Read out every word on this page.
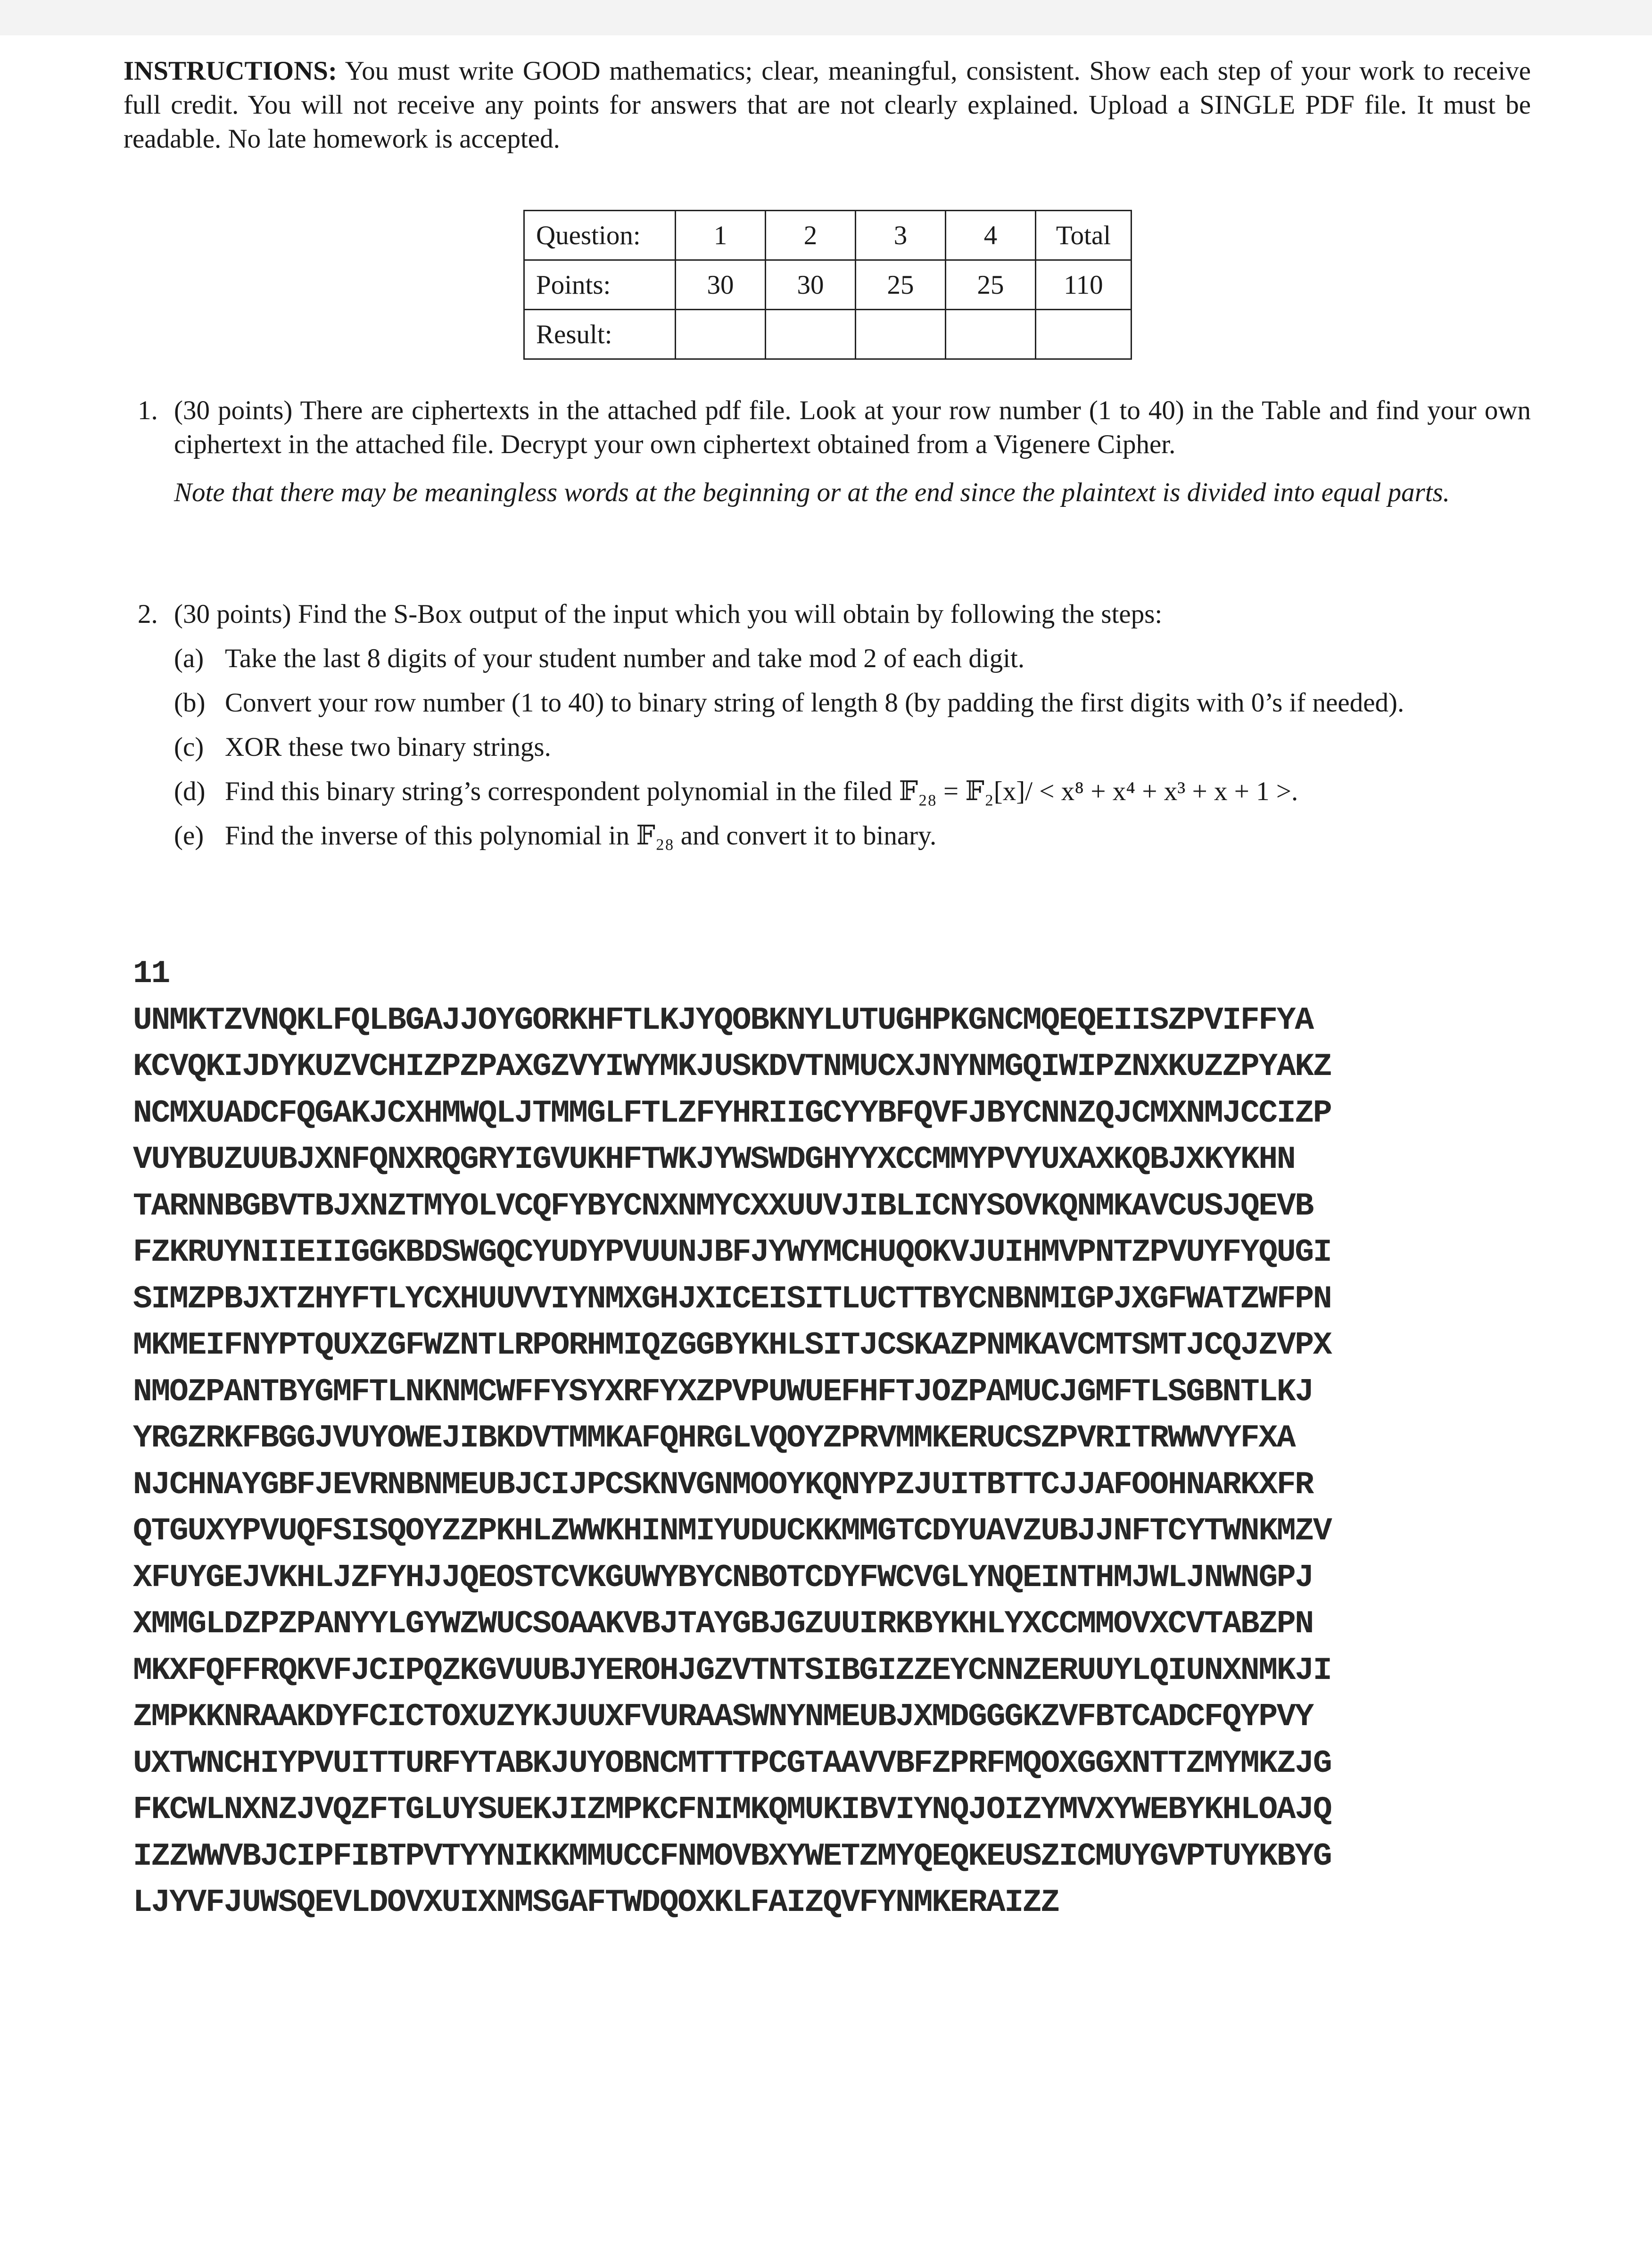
INSTRUCTIONS: You must write GOOD mathematics; clear, meaningful, consistent. Show each step of your work to receive full credit. You will not receive any points for answers that are not clearly explained. Upload a SINGLE PDF file. It must be readable. No late homework is accepted.
Question:	1	2	3	4	Total
Points:	30	30	25	25	110
Result:					
1. (30 points) There are ciphertexts in the attached pdf file. Look at your row number (1 to 40) in the Table and find your own ciphertext in the attached file. Decrypt your own ciphertext obtained from a Vigenere Cipher.
Note that there may be meaningless words at the beginning or at the end since the plaintext is divided into equal parts.
2. (30 points) Find the S-Box output of the input which you will obtain by following the steps:
(a) Take the last 8 digits of your student number and take mod 2 of each digit.
(b) Convert your row number (1 to 40) to binary string of length 8 (by padding the first digits with 0’s if needed).
(c) XOR these two binary strings.
(d) Find this binary string’s correspondent polynomial in the filed 𝔽₂₈ = 𝔽₂[x]/ < x⁸ + x⁴ + x³ + x + 1 >.
(e) Find the inverse of this polynomial in 𝔽₂₈ and convert it to binary.
11
UNMKTZVNQKLFQLBGAJJOYGORKHFTLKJYQOBKNYLUTUGHPKGNCMQEQEIISZPVIFFYA
KCVQKIJDYKUZVCHIZPZPAXGZVYIWYMKJUSKDVTNMUCXJNYNMGQIWIPZNXKUZZPYAKZ
NCMXUADCFQGAKJCXHMWQLJTMMGLFTLZFYHRIIGCYYBFQVFJBYCNNZQJCMXNMJCCIZP
VUYBUZUUBJXNFQNXRQGRYIGVUKHFTWKJYWSWDGHYYXCCMMYPVYUXAXKQBJXKYKHN
TARNNBGBVTBJXNZTMYOLVCQFYBYCNXNMYCXXUUVJIBLICNYSOVKQNMKAVCUSJQEVB
FZKRUYNIIEIIGGKBDSWGQCYUDYPVUUNJBFJYWYMCHUQOKVJUIHMVPNTZPVUYFYQUGI
SIMZPBJXTZHYFTLYCXHUUVVIYNMXGHJXICEISITLUCTTBYCNBNMIGPJXGFWATZWFPN
MKMEIFNYPTQUXZGFWZNTLRPORHMIQZGGBYKHLSITJCSKAZPNMKAVCMTSMTJCQJZVPX
NMOZPANTBYGMFTLNKNMCWFFYSYXRFYXZPVPUWUEFHFTJOZPAMUCJGMFTLSGBNTLKJ
YRGZRKFBGGJVUYOWEJIBKDVTMMKAFQHRGLVQOYZPRVMMKERUCSZPVRITRWWVYFXA
NJCHNAYGBFJEVRNBNMEUBJCIJPCSKNVGNMOOYKQNYPZJUITBTTCJJAFOOHNARKXFR
QTGUXYPVUQFSISQOYZZPKHLZWWKHINMIYUDUCKKMMGTCDYUAVZUBJJNFTCYTWNKMZV
XFUYGEJVKHLJZFYHJJQEOSTCVKGUWYBYCNBOTCDYFWCVGLYNQEINTHMJWLJNWNGPJ
XMMGLDZPZPANYYLGYWZWUCSOAAKVBJTAYGBJGZUUIRKBYKHLYXCCMMOVXCVTABZPN
MKXFQFFRQKVFJCIPQZKGVUUBJYEROHJGZVTNTSIBGIZZEYCNNZERUUYLQIUNXNMKJI
ZMPKKNRAAKDYFCICTOXUZYKJUUXFVURAASWNYNMEUBJXMDGGGKZVFBTCADCFQYPVY
UXTWNCHIYPVUITTURFYTABKJUYOBNCMTTTPCGTAAVVBFZPRFMQOXGGXNTTZMYMKZJG
FKCWLNXNZJVQZFTGLUYSUEKJIZMPKCFNIMKQMUKIBVIYNQJOIZYMVXYWEBYKHLOAJQ
IZZWWVBJCIPFIBTPVTYYNIKKMMUCCFNMOVBXYWETZMYQEQKEUSZICMUYGVPTUYKBYG
LJYVFJUWSQEVLDOVXUIXNMSGAFTWDQOXKLFAIZQVFYNMKERAIZZ
